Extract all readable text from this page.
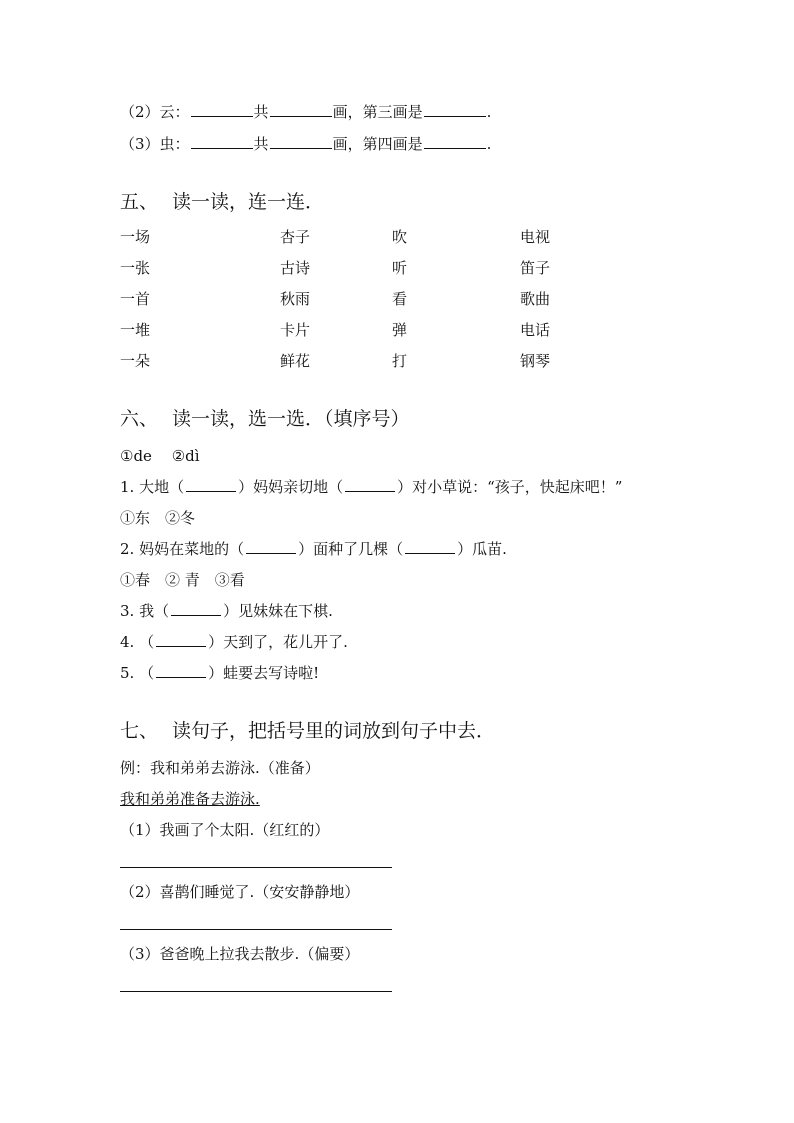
（2）云：	共	画，第三画是	.
（3）虫：	共	画，第四画是	.
五、 读一读，连一连．
一场	杏子	吹	电视
一张	古诗	听	笛子
一首	秋雨	看	歌曲
一堆	卡片	弹	电话
一朵	鲜花	打	钢琴
六、 读一读，选一选．（填序号）
①de　 ②dì
1. 大地（	）妈妈亲切地（	）对小草说：“孩子，快起床吧！”
①东　②冬
2. 妈妈在菜地的（	）面种了几棵（	）瓜苗.
①春　② 青　③看
3. 我（	）见妹妹在下棋.
4. （	）天到了，花儿开了.
5. （	）蛙要去写诗啦!
七、 读句子，把括号里的词放到句子中去．
例：我和弟弟去游泳.（准备）
我和弟弟准备去游泳.
（1）我画了个太阳.（红红的）
（2）喜鹊们睡觉了.（安安静静地）
（3）爸爸晚上拉我去散步.（偏要）
